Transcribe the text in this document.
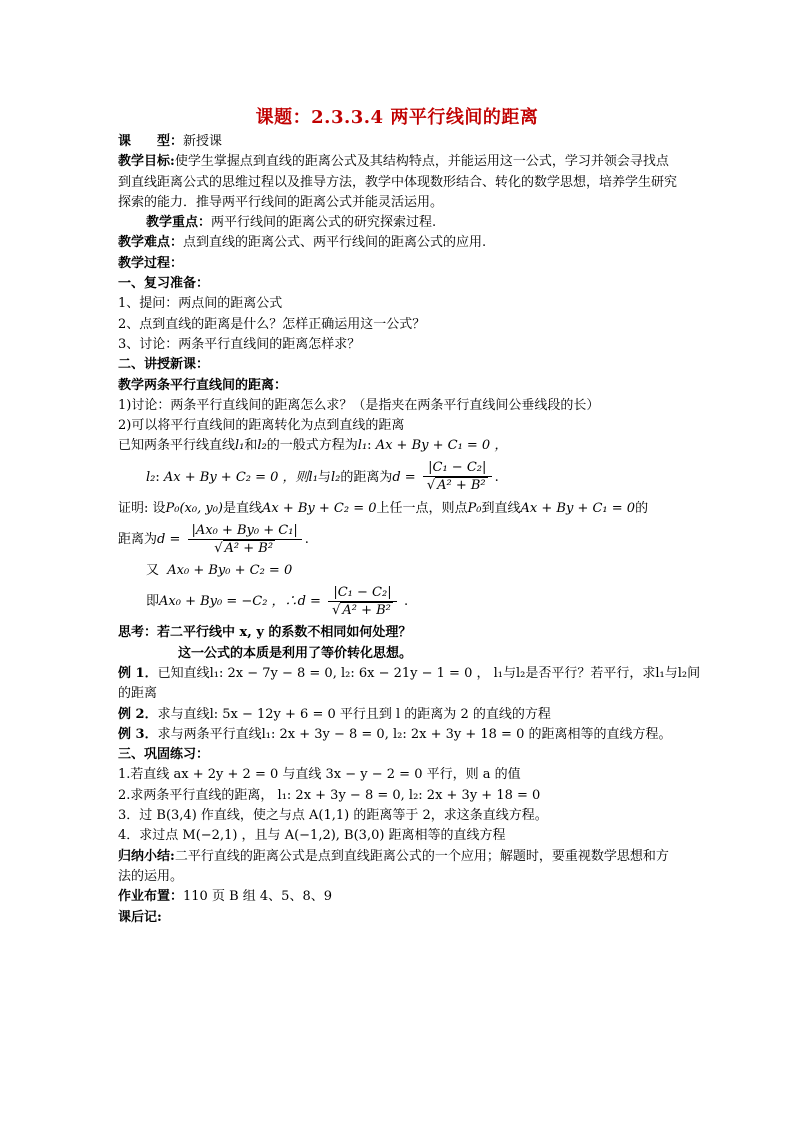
课题：2.3.3.4 两平行线间的距离
课　　型：新授课
教学目标:使学生掌握点到直线的距离公式及其结构特点，并能运用这一公式，学习并领会寻找点到直线距离公式的思维过程以及推导方法，教学中体现数形结合、转化的数学思想，培养学生研究探索的能力．推导两平行线间的距离公式并能灵活运用。
教学重点：两平行线间的距离公式的研究探索过程.
教学难点：点到直线的距离公式、两平行线间的距离公式的应用.
教学过程：
一、复习准备：
1、提问：两点间的距离公式
2、点到直线的距离是什么？怎样正确运用这一公式？
3、讨论：两条平行直线间的距离怎样求？
二、讲授新课：
教学两条平行直线间的距离：
1)讨论：两条平行直线间的距离怎么求？（是指夹在两条平行直线间公垂线段的长）
2)可以将平行直线间的距离转化为点到直线的距离
已知两条平行线直线l₁和l₂的一般式方程为l₁: Ax + By + C₁ = 0 ，
l₂: Ax + By + C₂ = 0 ，则l₁与l₂的距离为$d = \frac{\text{|C₁ − C₂|}}{\text{√ A² + B²}}$ .
证明: 设P₀(x₀, y₀)是直线Ax + By + C₂ = 0上任一点，则点P₀到直线Ax + By + C₁ = 0的
距离为$d = \frac{\text{|Ax₀ + By₀ + C₁|}}{\text{√ A² + B²}}$ .
又 Ax₀ + By₀ + C₂ = 0
即Ax₀ + By₀ = −C₂ ，∴d = $\frac{\text{|C₁ − C₂|}}{\text{√ A² + B²}}$ .
思考：若二平行线中 x, y 的系数不相同如何处理？
这一公式的本质是利用了等价转化思想。
例 1．已知直线l₁: 2x − 7y − 8 = 0, l₂: 6x − 21y − 1 = 0 ， l₁与l₂是否平行？若平行，求l₁与l₂间
的距离
例 2．求与直线l: 5x − 12y + 6 = 0 平行且到 l 的距离为 2 的直线的方程
例 3．求与两条平行直线l₁: 2x + 3y − 8 = 0, l₂: 2x + 3y + 18 = 0 的距离相等的直线方程。
三、巩固练习：
1.若直线 ax + 2y + 2 = 0 与直线 3x − y − 2 = 0 平行，则 a 的值
2.求两条平行直线的距离， l₁: 2x + 3y − 8 = 0, l₂: 2x + 3y + 18 = 0
3．过 B(3,4) 作直线，使之与点 A(1,1) 的距离等于 2，求这条直线方程。
4．求过点 M(−2,1) ，且与 A(−1,2), B(3,0) 距离相等的直线方程
归纳小结:二平行直线的距离公式是点到直线距离公式的一个应用；解题时，要重视数学思想和方法的运用。
作业布置：110 页 B 组 4、5、8、9
课后记:
